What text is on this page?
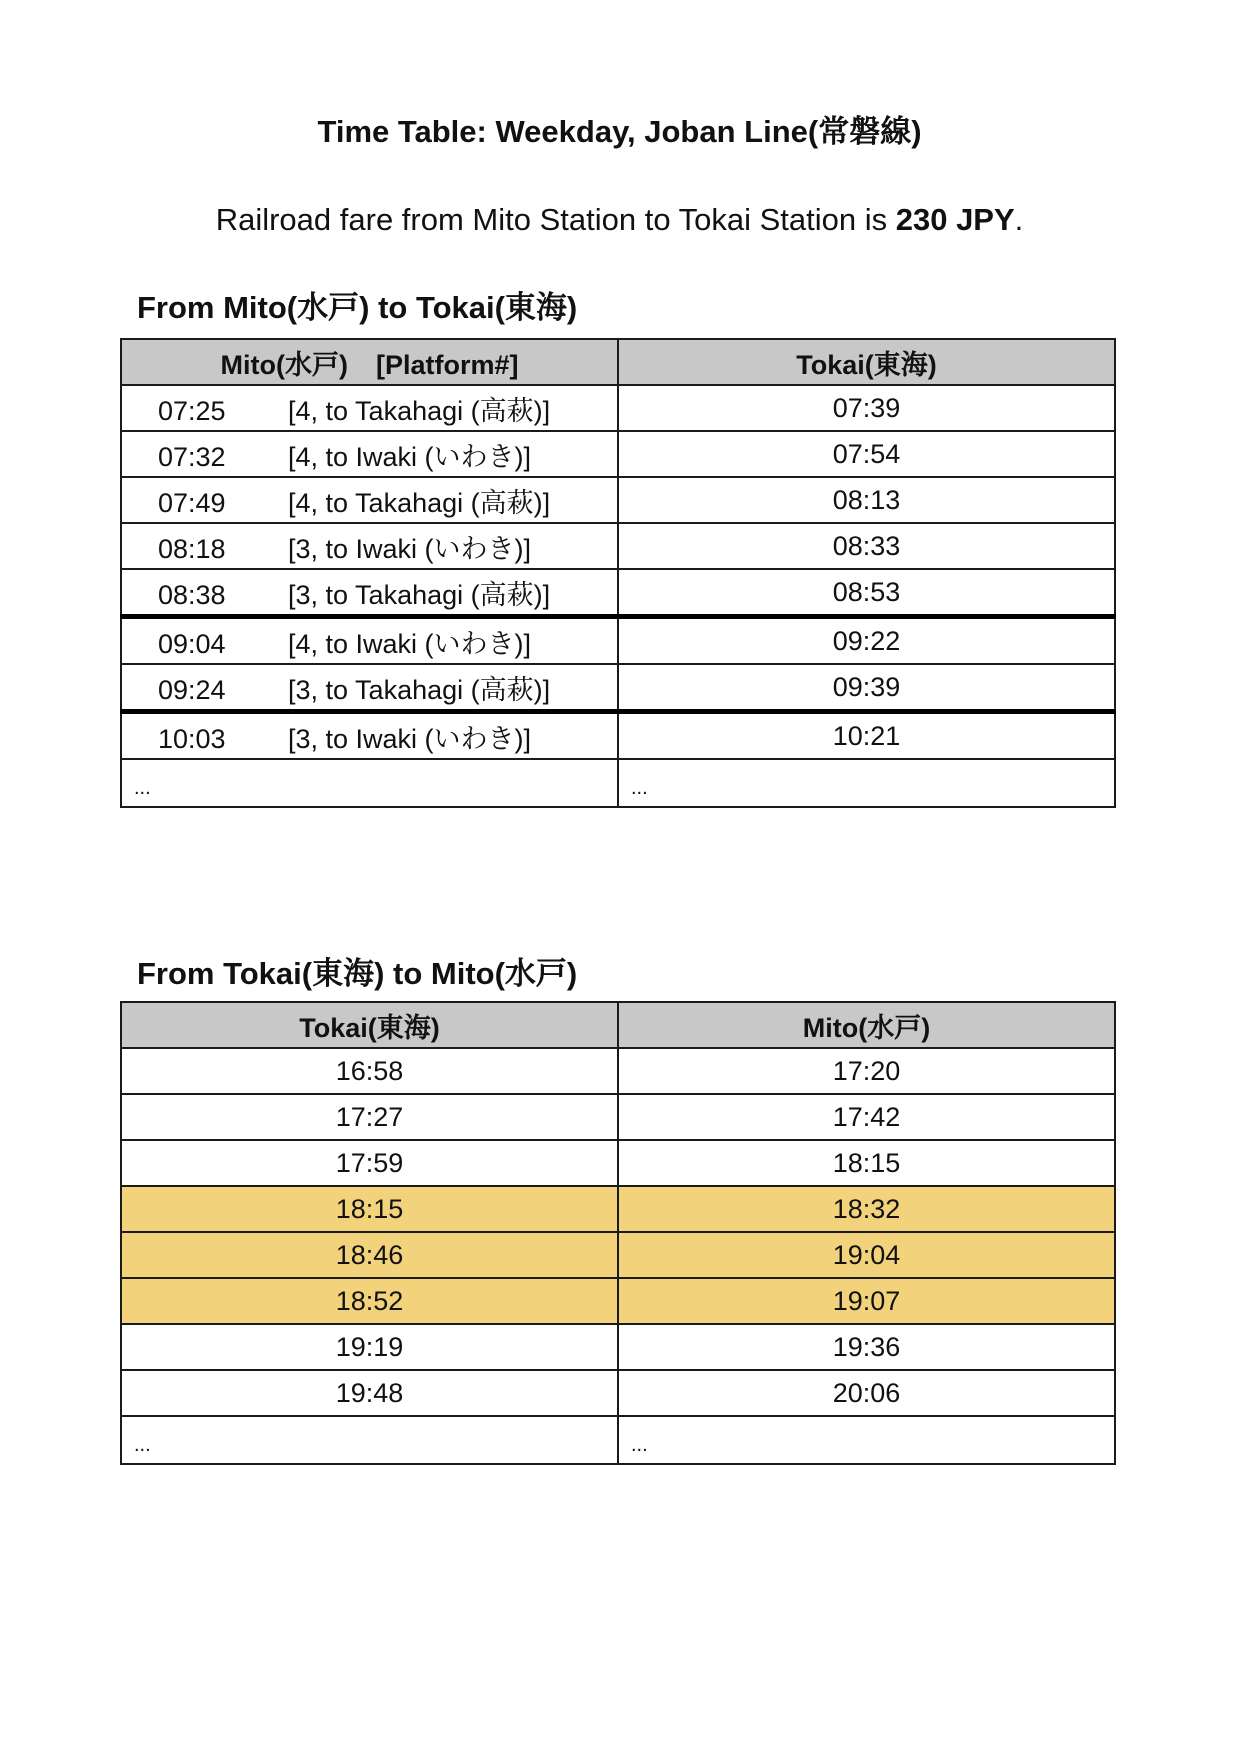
Time Table: Weekday, Joban Line(常磐線)
Railroad fare from Mito Station to Tokai Station is 230 JPY.
From Mito(水戸) to Tokai(東海)
Mito(水戸) [Platform#]	Tokai(東海)
07:25 [4, to Takahagi (高萩)]	07:39
07:32 [4, to Iwaki (いわき)]	07:54
07:49 [4, to Takahagi (高萩)]	08:13
08:18 [3, to Iwaki (いわき)]	08:33
08:38 [3, to Takahagi (高萩)]	08:53
09:04 [4, to Iwaki (いわき)]	09:22
09:24 [3, to Takahagi (高萩)]	09:39
10:03 [3, to Iwaki (いわき)]	10:21
...	...
From Tokai(東海) to Mito(水戸)
Tokai(東海)	Mito(水戸)
16:58	17:20
17:27	17:42
17:59	18:15
18:15	18:32
18:46	19:04
18:52	19:07
19:19	19:36
19:48	20:06
...	...
